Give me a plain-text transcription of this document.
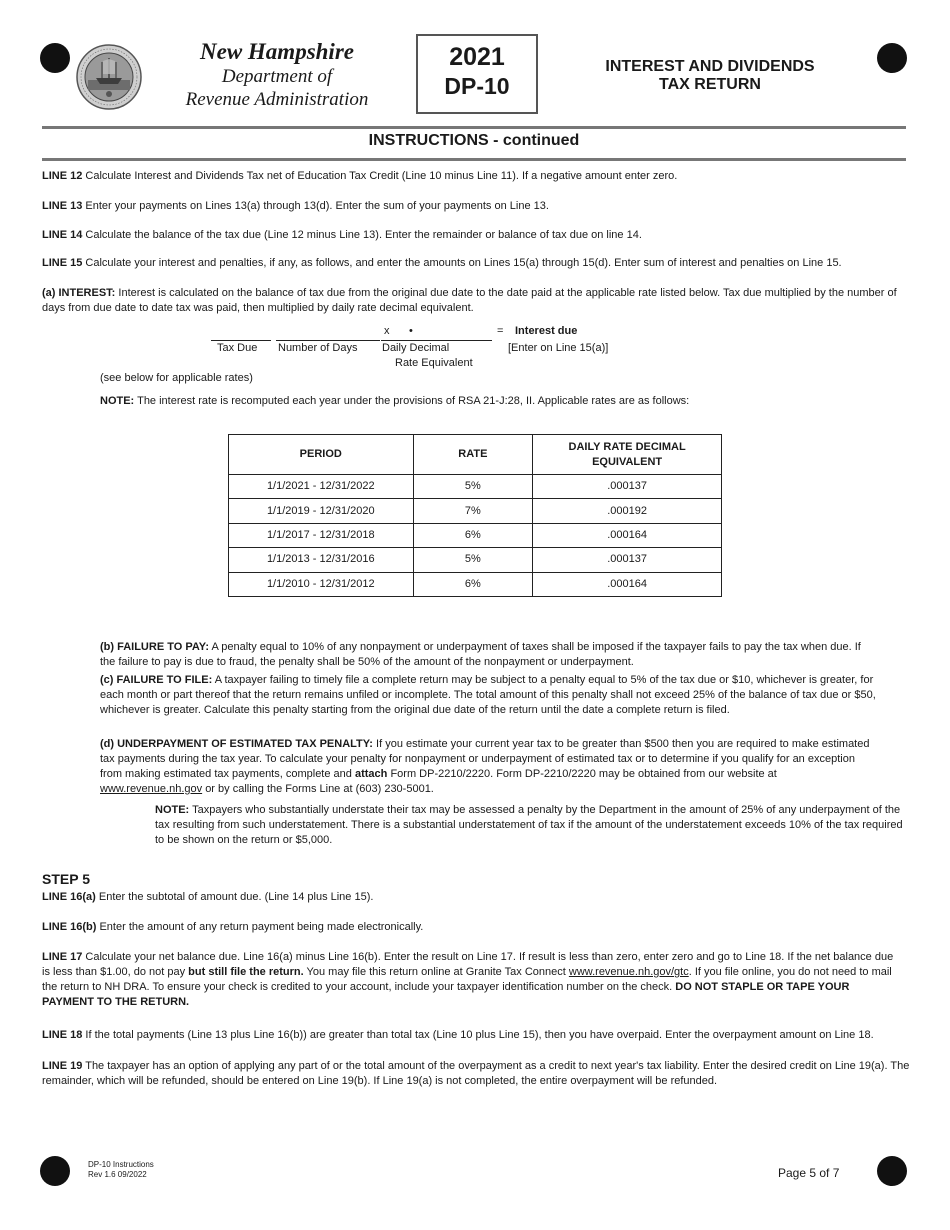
New Hampshire
Department of
Revenue Administration
2021
DP-10
INTEREST AND DIVIDENDS
TAX RETURN
INSTRUCTIONS - continued

LINE 12 Calculate Interest and Dividends Tax net of Education Tax Credit (Line 10 minus Line 11). If a negative amount enter zero.

LINE 13 Enter your payments on Lines 13(a) through 13(d). Enter the sum of your payments on Line 13.

LINE 14 Calculate the balance of the tax due (Line 12 minus Line 13). Enter the remainder or balance of tax due on line 14.

LINE 15 Calculate your interest and penalties, if any, as follows, and enter the amounts on Lines 15(a) through 15(d). Enter sum of interest and penalties on Line 15.

(a) INTEREST: Interest is calculated on the balance of tax due from the original due date to the date paid at the applicable rate listed below. Tax due multiplied by the number of days from due date to date tax was paid, then multiplied by daily rate decimal equivalent.

x •	= Interest due
Tax Due Number of Days Daily Decimal
Rate Equivalent
[Enter on Line 15(a)]

(see below for applicable rates)

NOTE: The interest rate is recomputed each year under the provisions of RSA 21-J:28, II. Applicable rates are as follows:

PERIOD	RATE	DAILY RATE DECIMAL EQUIVALENT
1/1/2021 - 12/31/2022	5%	.000137
1/1/2019 - 12/31/2020	7%	.000192
1/1/2017 - 12/31/2018	6%	.000164
1/1/2013 - 12/31/2016	5%	.000137
1/1/2010 - 12/31/2012	6%	.000164

(b) FAILURE TO PAY: A penalty equal to 10% of any nonpayment or underpayment of taxes shall be imposed if the taxpayer fails to pay the tax when due. If the failure to pay is due to fraud, the penalty shall be 50% of the amount of the nonpayment or underpayment.

(c) FAILURE TO FILE: A taxpayer failing to timely file a complete return may be subject to a penalty equal to 5% of the tax due or $10, whichever is greater, for each month or part thereof that the return remains unfiled or incomplete. The total amount of this penalty shall not exceed 25% of the balance of tax due or $50, whichever is greater. Calculate this penalty starting from the original due date of the return until the date a complete return is filed.

(d) UNDERPAYMENT OF ESTIMATED TAX PENALTY: If you estimate your current year tax to be greater than $500 then you are required to make estimated tax payments during the tax year. To calculate your penalty for nonpayment or underpayment of estimated tax or to determine if you qualify for an exception from making estimated tax payments, complete and attach Form DP-2210/2220. Form DP-2210/2220 may be obtained from our website at www.revenue.nh.gov or by calling the Forms Line at (603) 230-5001.

NOTE: Taxpayers who substantially understate their tax may be assessed a penalty by the Department in the amount of 25% of any underpayment of the tax resulting from such understatement. There is a substantial understatement of tax if the amount of the understatement exceeds 10% of the tax required to be shown on the return or $5,000.

STEP 5

LINE 16(a) Enter the subtotal of amount due. (Line 14 plus Line 15).

LINE 16(b) Enter the amount of any return payment being made electronically.

LINE 17 Calculate your net balance due. Line 16(a) minus Line 16(b). Enter the result on Line 17. If result is less than zero, enter zero and go to Line 18. If the net balance due is less than $1.00, do not pay but still file the return. You may file this return online at Granite Tax Connect www.revenue.nh.gov/gtc. If you file online, you do not need to mail the return to NH DRA. To ensure your check is credited to your account, include your taxpayer identification number on the check. DO NOT STAPLE OR TAPE YOUR PAYMENT TO THE RETURN.

LINE 18 If the total payments (Line 13 plus Line 16(b)) are greater than total tax (Line 10 plus Line 15), then you have overpaid. Enter the overpayment amount on Line 18.

LINE 19 The taxpayer has an option of applying any part of or the total amount of the overpayment as a credit to next year's tax liability. Enter the desired credit on Line 19(a). The remainder, which will be refunded, should be entered on Line 19(b). If Line 19(a) is not completed, the entire overpayment will be refunded.

DP-10 Instructions
Rev 1.6 09/2022	Page 5 of 7
